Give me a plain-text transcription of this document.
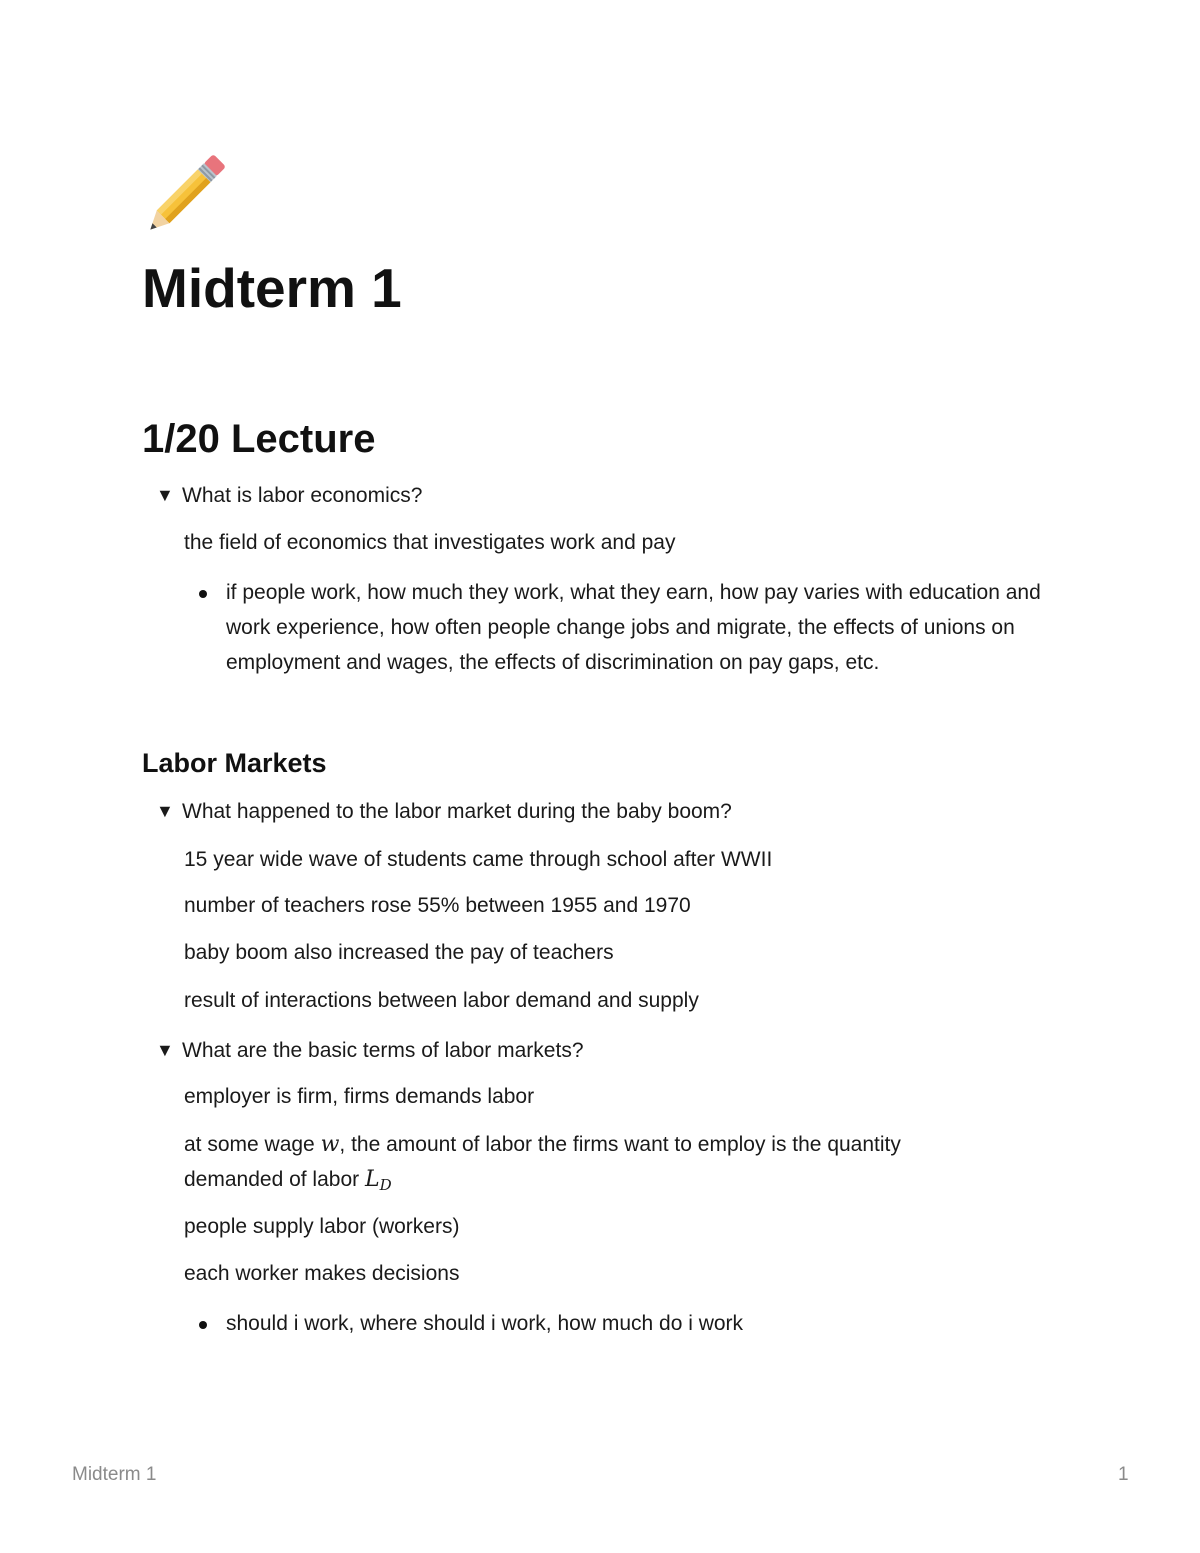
Midterm 1
1/20 Lecture
▼ What is labor economics?
the field of economics that investigates work and pay
if people work, how much they work, what they earn, how pay varies with education and work experience, how often people change jobs and migrate, the effects of unions on employment and wages, the effects of discrimination on pay gaps, etc.
Labor Markets
▼ What happened to the labor market during the baby boom?
15 year wide wave of students came through school after WWII
number of teachers rose 55% between 1955 and 1970
baby boom also increased the pay of teachers
result of interactions between labor demand and supply
▼ What are the basic terms of labor markets?
employer is firm, firms demands labor
at some wage w, the amount of labor the firms want to employ is the quantity
demanded of labor $L_D$
people supply labor (workers)
each worker makes decisions
should i work, where should i work, how much do i work
Midterm 1	1
